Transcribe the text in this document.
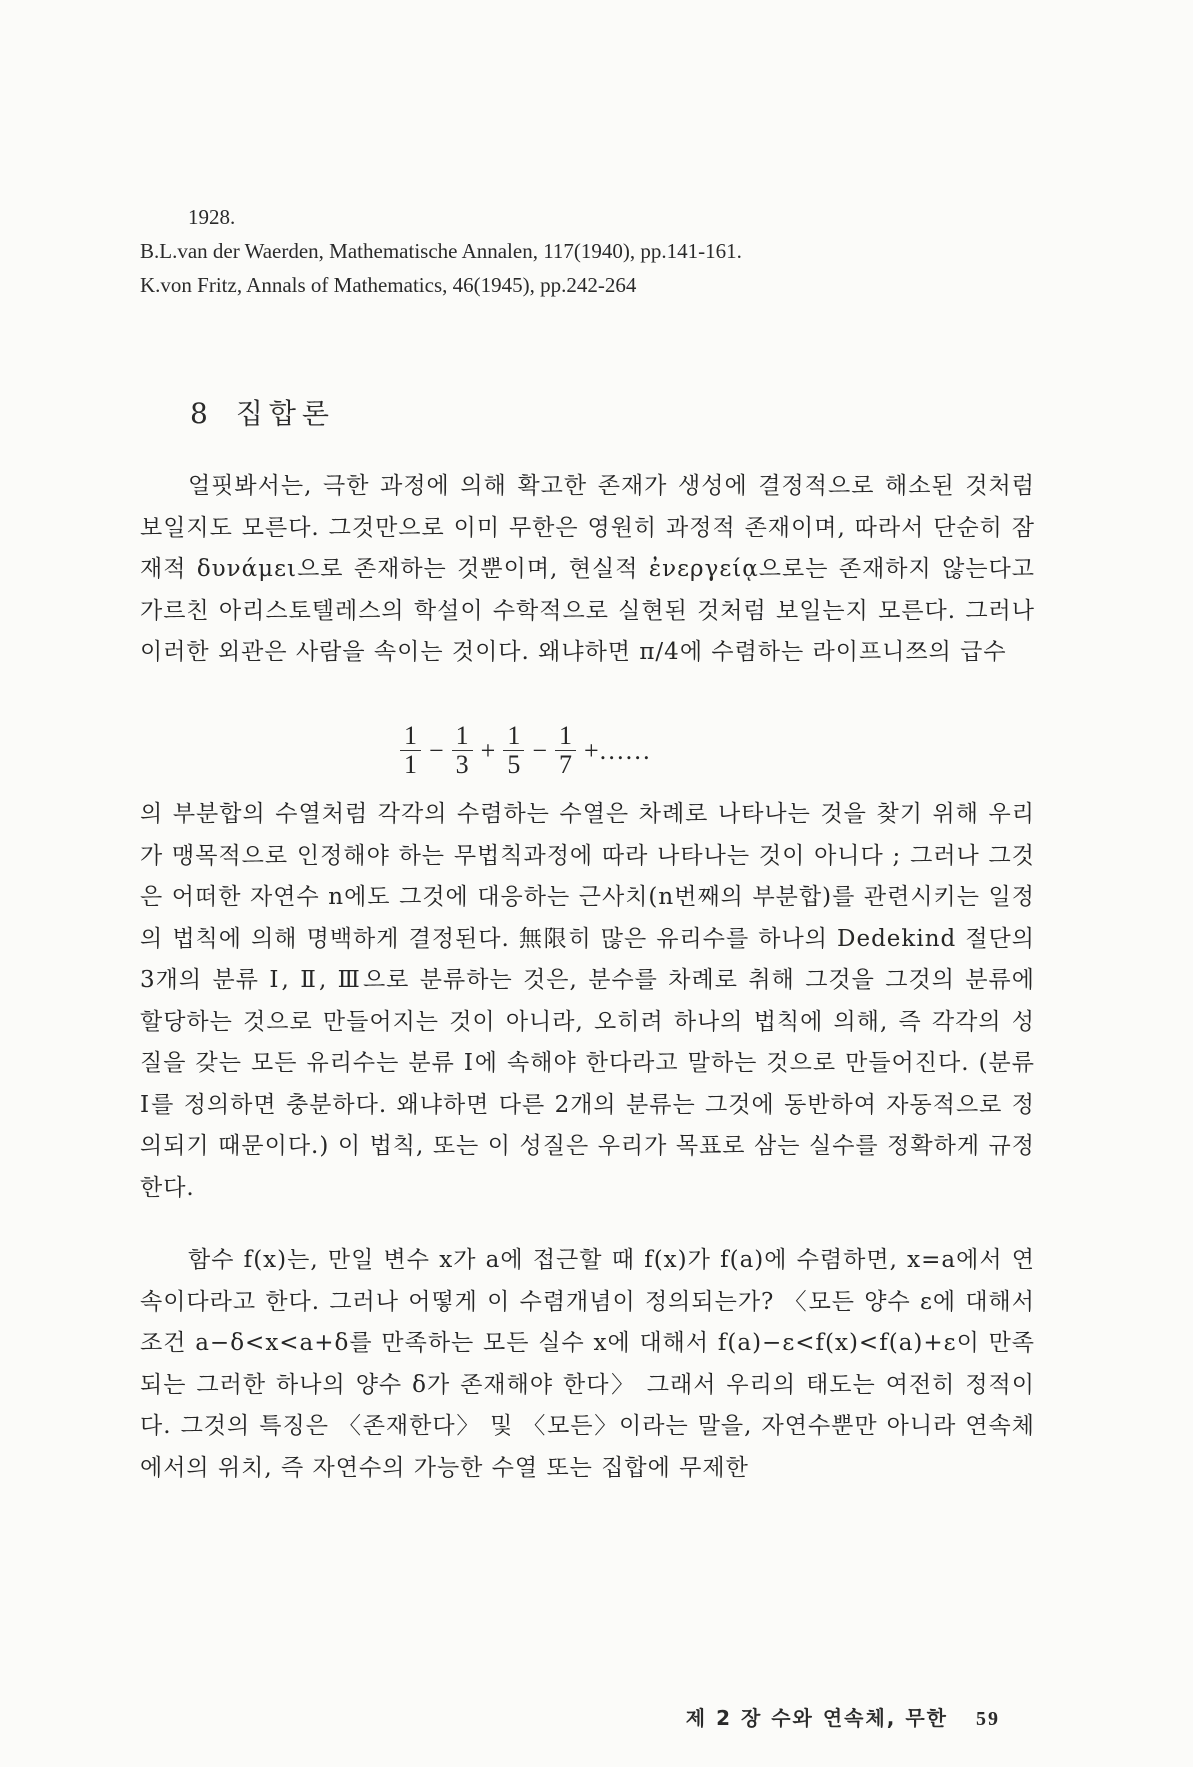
1928.
B.L.van der Waerden, Mathematische Annalen, 117(1940), pp.141-161.
K.von Fritz, Annals of Mathematics, 46(1945), pp.242-264
8 집합론
얼핏봐서는, 극한 과정에 의해 확고한 존재가 생성에 결정적으로 해소된 것처럼 보일지도 모른다. 그것만으로 이미 무한은 영원히 과정적 존재이며, 따라서 단순히 잠재적 δυνάμει으로 존재하는 것뿐이며, 현실적 ἐνεργείᾳ으로는 존재하지 않는다고 가르친 아리스토텔레스의 학설이 수학적으로 실현된 것처럼 보일는지 모른다. 그러나 이러한 외관은 사람을 속이는 것이다. 왜냐하면 π/4에 수렴하는 라이프니쯔의 급수
$\frac{1}{1} - \frac{1}{3} + \frac{1}{5} - \frac{1}{7}$ +……
의 부분합의 수열처럼 각각의 수렴하는 수열은 차례로 나타나는 것을 찾기 위해 우리가 맹목적으로 인정해야 하는 무법칙과정에 따라 나타나는 것이 아니다 ; 그러나 그것은 어떠한 자연수 n에도 그것에 대응하는 근사치(n번째의 부분합)를 관련시키는 일정의 법칙에 의해 명백하게 결정된다. 無限히 많은 유리수를 하나의 Dedekind 절단의 3개의 분류 Ⅰ, Ⅱ, Ⅲ으로 분류하는 것은, 분수를 차례로 취해 그것을 그것의 분류에 할당하는 것으로 만들어지는 것이 아니라, 오히려 하나의 법칙에 의해, 즉 각각의 성질을 갖는 모든 유리수는 분류 Ⅰ에 속해야 한다라고 말하는 것으로 만들어진다. (분류 Ⅰ를 정의하면 충분하다. 왜냐하면 다른 2개의 분류는 그것에 동반하여 자동적으로 정의되기 때문이다.) 이 법칙, 또는 이 성질은 우리가 목표로 삼는 실수를 정확하게 규정한다.
함수 f(x)는, 만일 변수 x가 a에 접근할 때 f(x)가 f(a)에 수렴하면, x=a에서 연속이다라고 한다. 그러나 어떻게 이 수렴개념이 정의되는가? 〈모든 양수 ε에 대해서 조건 a−δ<x<a+δ를 만족하는 모든 실수 x에 대해서 f(a)−ε<f(x)<f(a)+ε이 만족되는 그러한 하나의 양수 δ가 존재해야 한다〉 그래서 우리의 태도는 여전히 정적이다. 그것의 특징은 〈존재한다〉 및 〈모든〉이라는 말을, 자연수뿐만 아니라 연속체에서의 위치, 즉 자연수의 가능한 수열 또는 집합에 무제한
제 2 장 수와 연속체, 무한 59
